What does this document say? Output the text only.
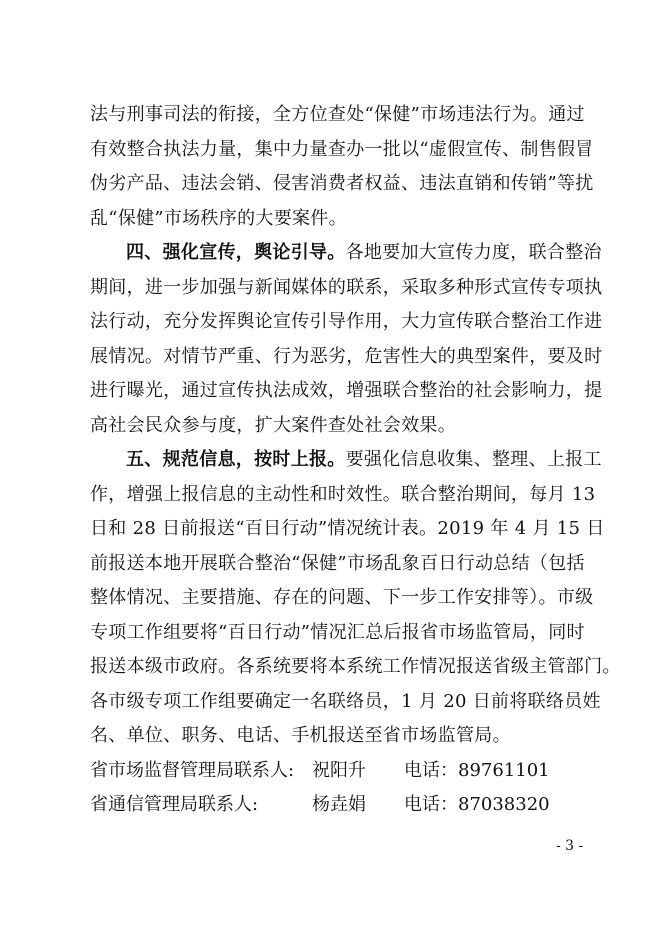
法与刑事司法的衔接，全方位查处“保健”市场违法行为。通过
有效整合执法力量，集中力量查办一批以“虚假宣传、制售假冒
伪劣产品、违法会销、侵害消费者权益、违法直销和传销”等扰
乱“保健”市场秩序的大要案件。
四、强化宣传，舆论引导。各地要加大宣传力度，联合整治
期间，进一步加强与新闻媒体的联系，采取多种形式宣传专项执
法行动，充分发挥舆论宣传引导作用，大力宣传联合整治工作进
展情况。对情节严重、行为恶劣，危害性大的典型案件，要及时
进行曝光，通过宣传执法成效，增强联合整治的社会影响力，提
高社会民众参与度，扩大案件查处社会效果。
五、规范信息，按时上报。要强化信息收集、整理、上报工
作，增强上报信息的主动性和时效性。联合整治期间，每月 13
日和 28 日前报送“百日行动”情况统计表。2019 年 4 月 15 日
前报送本地开展联合整治“保健”市场乱象百日行动总结（包括
整体情况、主要措施、存在的问题、下一步工作安排等）。市级
专项工作组要将“百日行动”情况汇总后报省市场监管局，同时
报送本级市政府。各系统要将本系统工作情况报送省级主管部门。
各市级专项工作组要确定一名联络员，1 月 20 日前将联络员姓
名、单位、职务、电话、手机报送至省市场监管局。
省市场监督管理局联系人: 祝阳升 电话：89761101
省通信管理局联系人:	杨垚娟 电话：87038320
- 3 -
